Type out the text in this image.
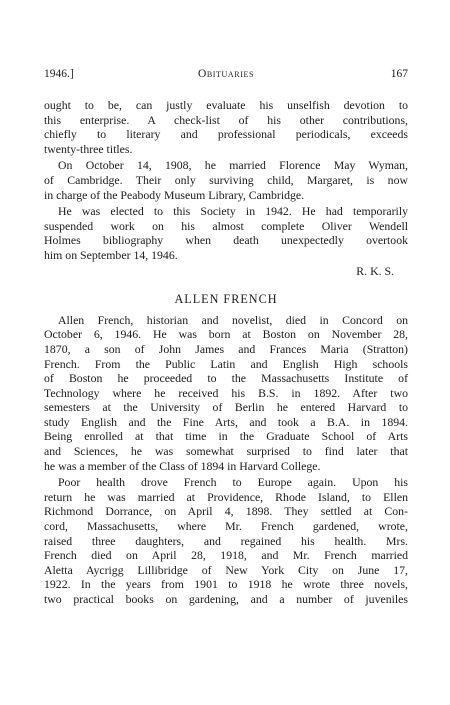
1946.]	Obituaries	167
ought to be, can justly evaluate his unselfish devotion to
this enterprise. A check-list of his other contributions,
chiefly to literary and professional periodicals, exceeds
twenty-three titles.
On October 14, 1908, he married Florence May Wyman,
of Cambridge. Their only surviving child, Margaret, is now
in charge of the Peabody Museum Library, Cambridge.
He was elected to this Society in 1942. He had temporarily
suspended work on his almost complete Oliver Wendell
Holmes bibliography when death unexpectedly overtook
him on September 14, 1946.
R. K. S.
ALLEN FRENCH
Allen French, historian and novelist, died in Concord on
October 6, 1946. He was born at Boston on November 28,
1870, a son of John James and Frances Maria (Stratton)
French. From the Public Latin and English High schools
of Boston he proceeded to the Massachusetts Institute of
Technology where he received his B.S. in 1892. After two
semesters at the University of Berlin he entered Harvard to
study English and the Fine Arts, and took a B.A. in 1894.
Being enrolled at that time in the Graduate School of Arts
and Sciences, he was somewhat surprised to find later that
he was a member of the Class of 1894 in Harvard College.
Poor health drove French to Europe again. Upon his
return he was married at Providence, Rhode Island, to Ellen
Richmond Dorrance, on April 4, 1898. They settled at Con-
cord, Massachusetts, where Mr. French gardened, wrote,
raised three daughters, and regained his health. Mrs.
French died on April 28, 1918, and Mr. French married
Aletta Aycrigg Lillibridge of New York City on June 17,
1922. In the years from 1901 to 1918 he wrote three novels,
two practical books on gardening, and a number of juveniles
